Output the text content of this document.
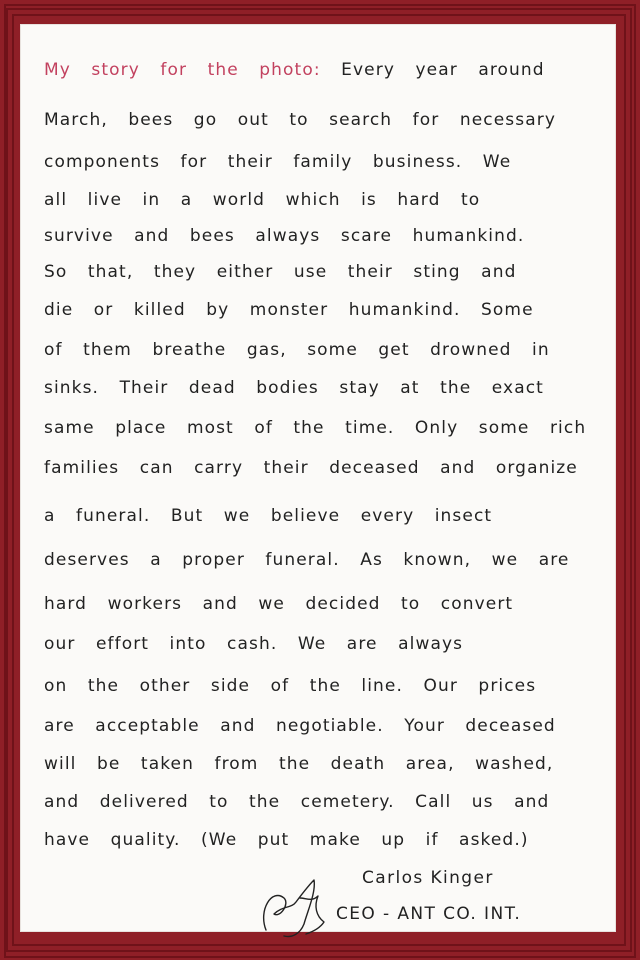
My story for the photo: Every year around
March, bees go out to search for necessary
components for their family business. We
all live in a world which is hard to
survive and bees always scare humankind.
So that, they either use their sting and
die or killed by monster humankind. Some
of them breathe gas, some get drowned in
sinks. Their dead bodies stay at the exact
same place most of the time. Only some rich
families can carry their deceased and organize
a funeral. But we believe every insect
deserves a proper funeral. As known, we are
hard workers and we decided to convert
our effort into cash. We are always
on the other side of the line. Our prices
are acceptable and negotiable. Your deceased
will be taken from the death area, washed,
and delivered to the cemetery. Call us and
have quality. (We put make up if asked.)
Carlos Kinger
CEO - ANT CO. INT.
